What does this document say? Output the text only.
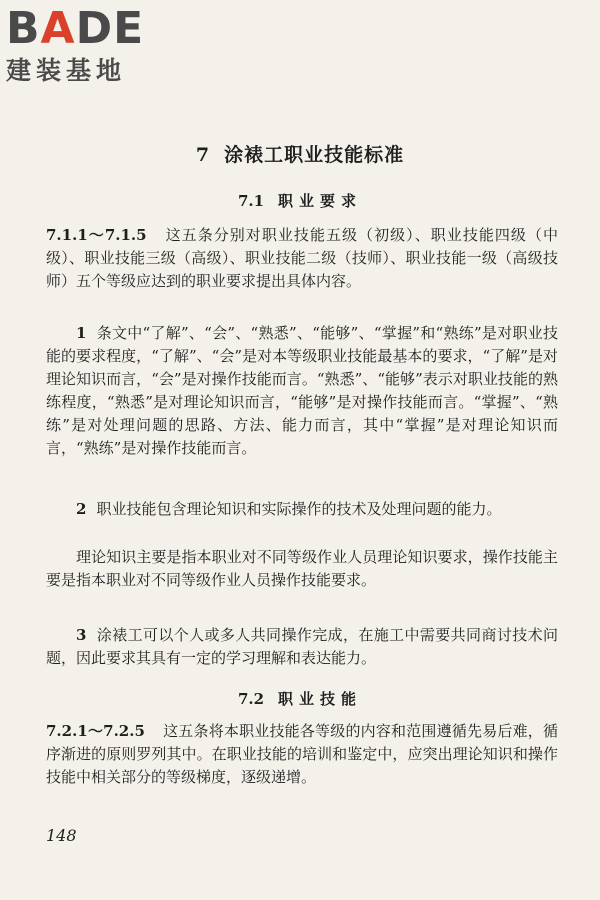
BADE
建装基地
7 涂裱工职业技能标准
7.1 职业要求
7.1.1～7.1.5 这五条分别对职业技能五级（初级）、职业技能四级（中级）、职业技能三级（高级）、职业技能二级（技师）、职业技能一级（高级技师）五个等级应达到的职业要求提出具体内容。
1 条文中“了解”、“会”、“熟悉”、“能够”、“掌握”和“熟练”是对职业技能的要求程度，“了解”、“会”是对本等级职业技能最基本的要求，“了解”是对理论知识而言，“会”是对操作技能而言。“熟悉”、“能够”表示对职业技能的熟练程度，“熟悉”是对理论知识而言，“能够”是对操作技能而言。“掌握”、“熟练”是对处理问题的思路、方法、能力而言，其中“掌握”是对理论知识而言，“熟练”是对操作技能而言。
2 职业技能包含理论知识和实际操作的技术及处理问题的能力。
理论知识主要是指本职业对不同等级作业人员理论知识要求，操作技能主要是指本职业对不同等级作业人员操作技能要求。
3 涂裱工可以个人或多人共同操作完成，在施工中需要共同商讨技术问题，因此要求其具有一定的学习理解和表达能力。
7.2 职业技能
7.2.1～7.2.5 这五条将本职业技能各等级的内容和范围遵循先易后难，循序渐进的原则罗列其中。在职业技能的培训和鉴定中，应突出理论知识和操作技能中相关部分的等级梯度，逐级递增。
148
